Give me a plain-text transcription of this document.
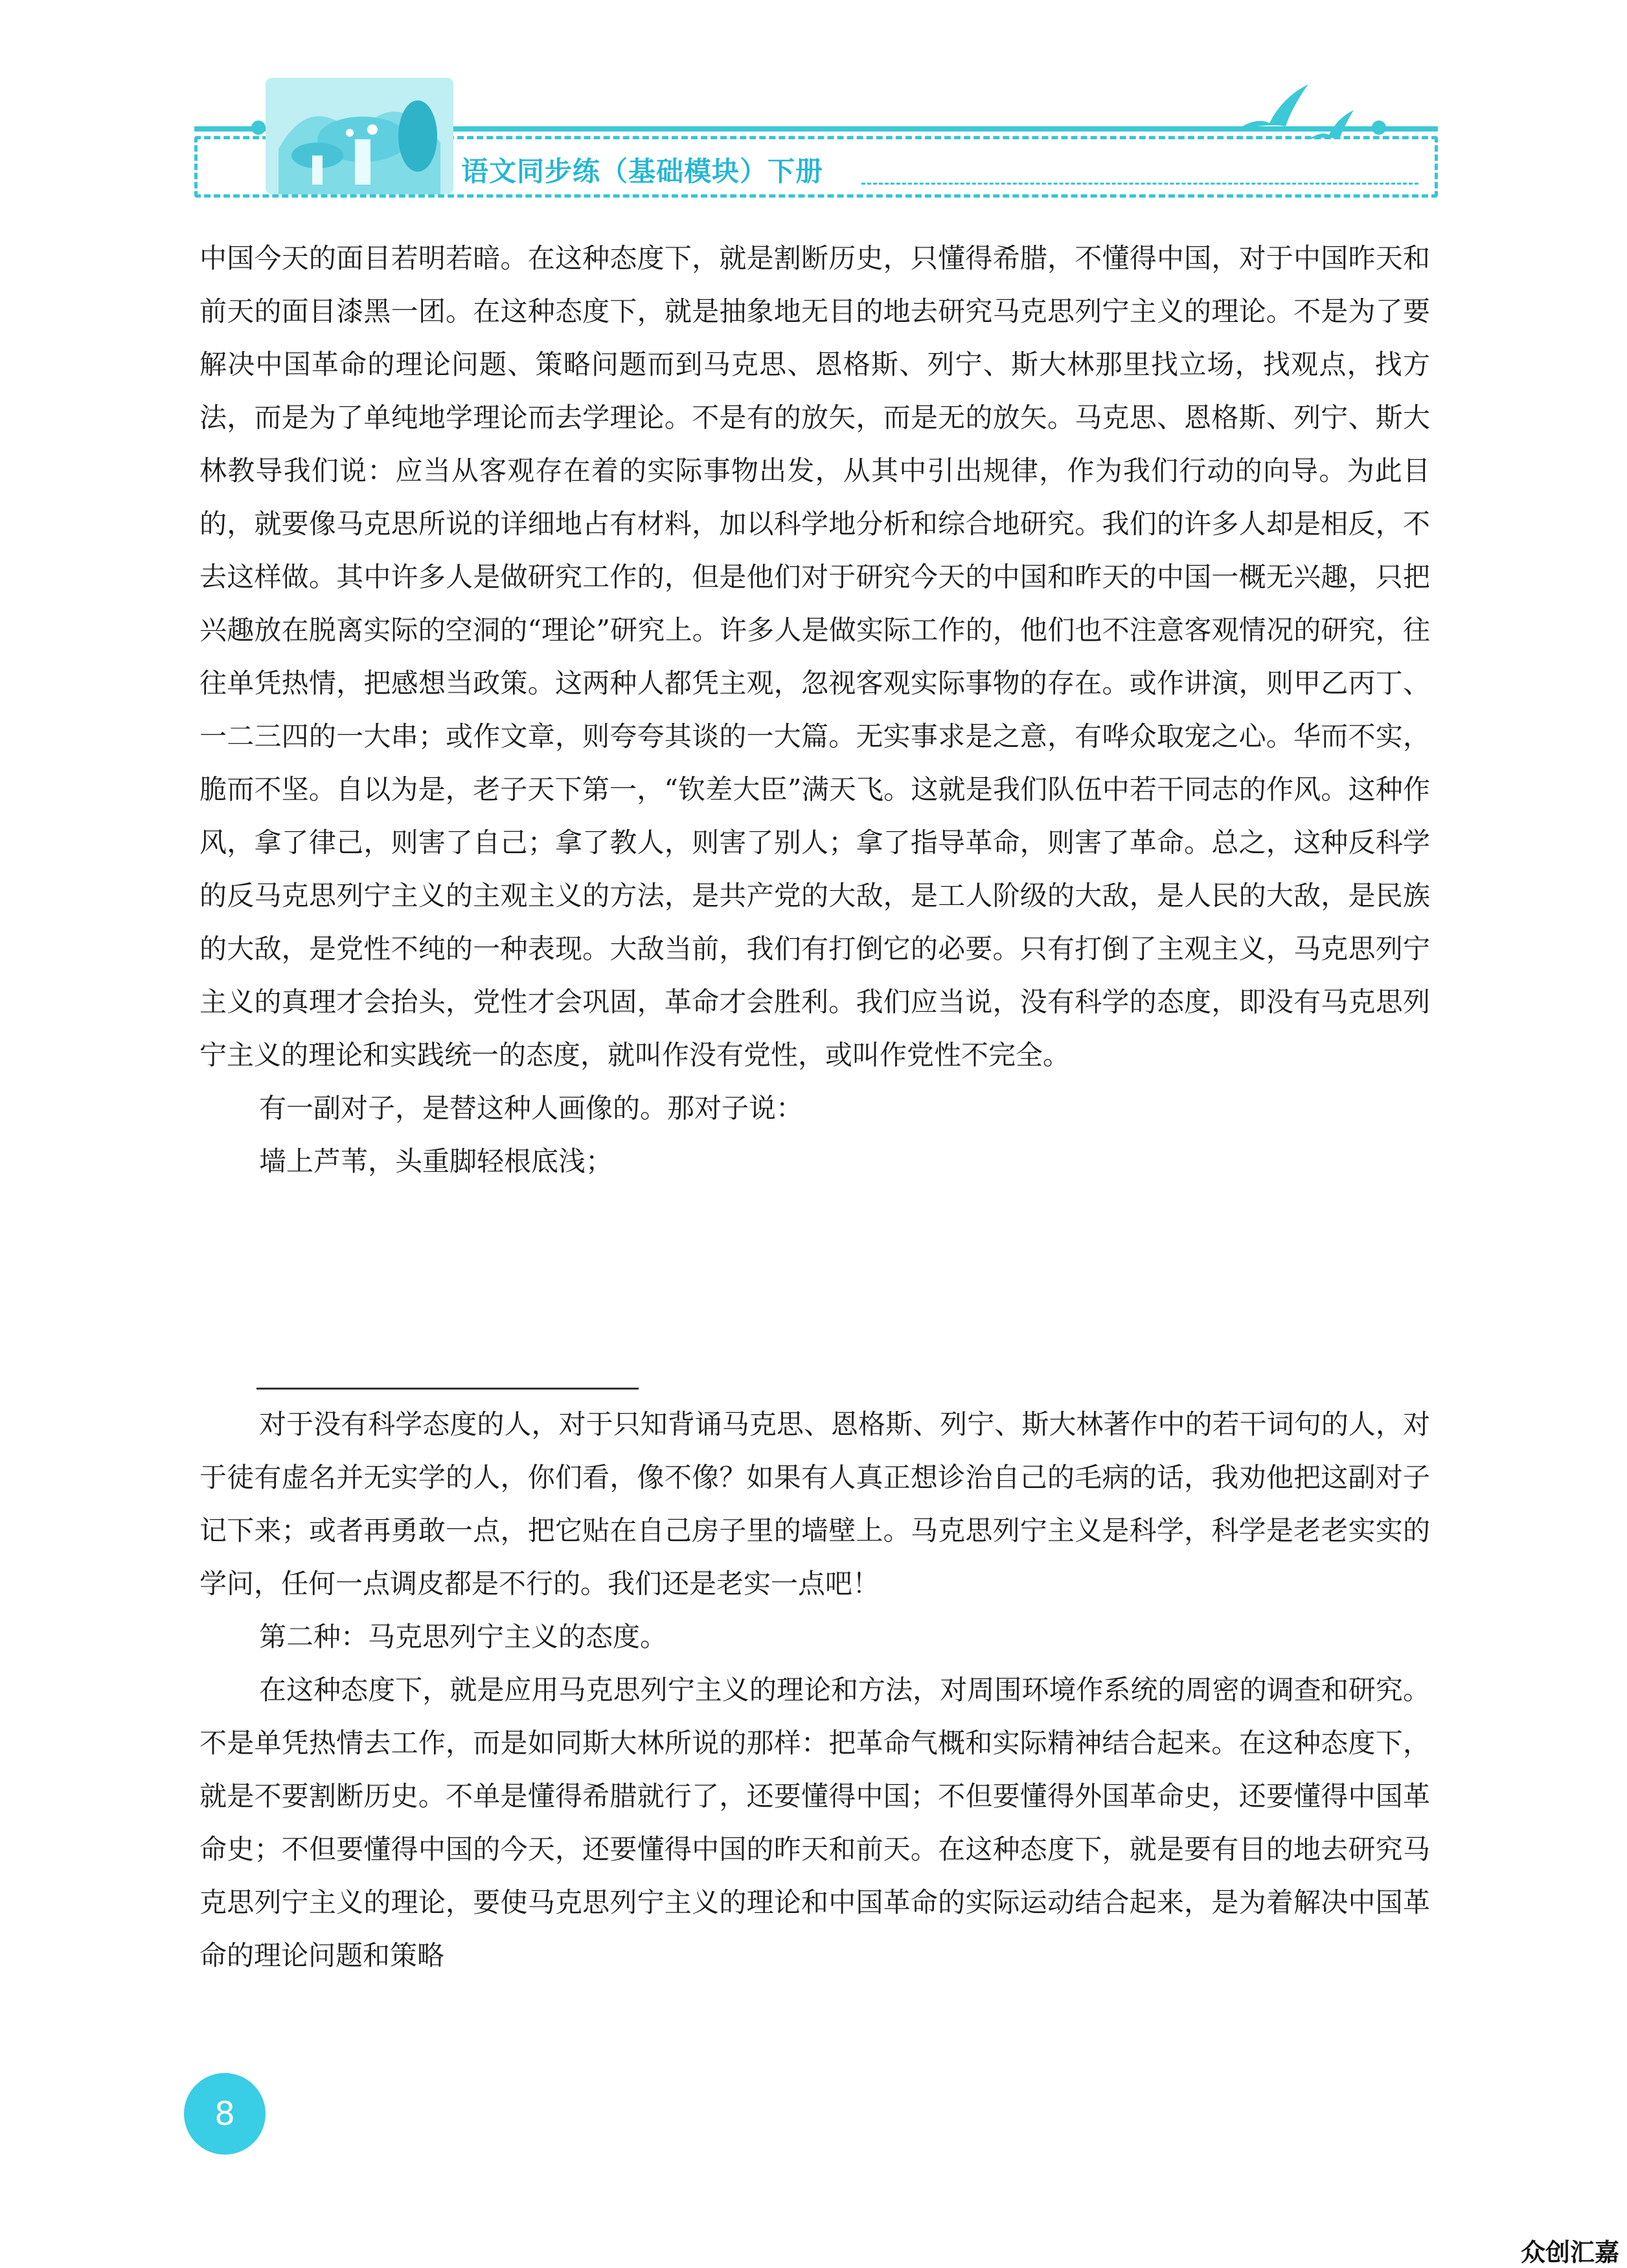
语文同步练（基础模块）下册

中国今天的面目若明若暗。在这种态度下，就是割断历史，只懂得希腊，不懂得中国，对于中国昨天和前天的面目漆黑一团。在这种态度下，就是抽象地无目的地去研究马克思列宁主义的理论。不是为了要解决中国革命的理论问题、策略问题而到马克思、恩格斯、列宁、斯大林那里找立场，找观点，找方法，而是为了单纯地学理论而去学理论。不是有的放矢，而是无的放矢。马克思、恩格斯、列宁、斯大林教导我们说：应当从客观存在着的实际事物出发，从其中引出规律，作为我们行动的向导。为此目的，就要像马克思所说的详细地占有材料，加以科学地分析和综合地研究。我们的许多人却是相反，不去这样做。其中许多人是做研究工作的，但是他们对于研究今天的中国和昨天的中国一概无兴趣，只把兴趣放在脱离实际的空洞的“理论”研究上。许多人是做实际工作的，他们也不注意客观情况的研究，往往单凭热情，把感想当政策。这两种人都凭主观，忽视客观实际事物的存在。或作讲演，则甲乙丙丁、一二三四的一大串；或作文章，则夸夸其谈的一大篇。无实事求是之意，有哗众取宠之心。华而不实，脆而不坚。自以为是，老子天下第一，“钦差大臣”满天飞。这就是我们队伍中若干同志的作风。这种作风，拿了律己，则害了自己；拿了教人，则害了别人；拿了指导革命，则害了革命。总之，这种反科学的反马克思列宁主义的主观主义的方法，是共产党的大敌，是工人阶级的大敌，是人民的大敌，是民族的大敌，是党性不纯的一种表现。大敌当前，我们有打倒它的必要。只有打倒了主观主义，马克思列宁主义的真理才会抬头，党性才会巩固，革命才会胜利。我们应当说，没有科学的态度，即没有马克思列宁主义的理论和实践统一的态度，就叫作没有党性，或叫作党性不完全。

有一副对子，是替这种人画像的。那对子说：

墙上芦苇，头重脚轻根底浅；

对于没有科学态度的人，对于只知背诵马克思、恩格斯、列宁、斯大林著作中的若干词句的人，对于徒有虚名并无实学的人，你们看，像不像？如果有人真正想诊治自己的毛病的话，我劝他把这副对子记下来；或者再勇敢一点，把它贴在自己房子里的墙壁上。马克思列宁主义是科学，科学是老老实实的学问，任何一点调皮都是不行的。我们还是老实一点吧！

第二种：马克思列宁主义的态度。

在这种态度下，就是应用马克思列宁主义的理论和方法，对周围环境作系统的周密的调查和研究。不是单凭热情去工作，而是如同斯大林所说的那样：把革命气概和实际精神结合起来。在这种态度下，就是不要割断历史。不单是懂得希腊就行了，还要懂得中国；不但要懂得外国革命史，还要懂得中国革命史；不但要懂得中国的今天，还要懂得中国的昨天和前天。在这种态度下，就是要有目的地去研究马克思列宁主义的理论，要使马克思列宁主义的理论和中国革命的实际运动结合起来，是为着解决中国革命的理论问题和策略

8
众创汇嘉
